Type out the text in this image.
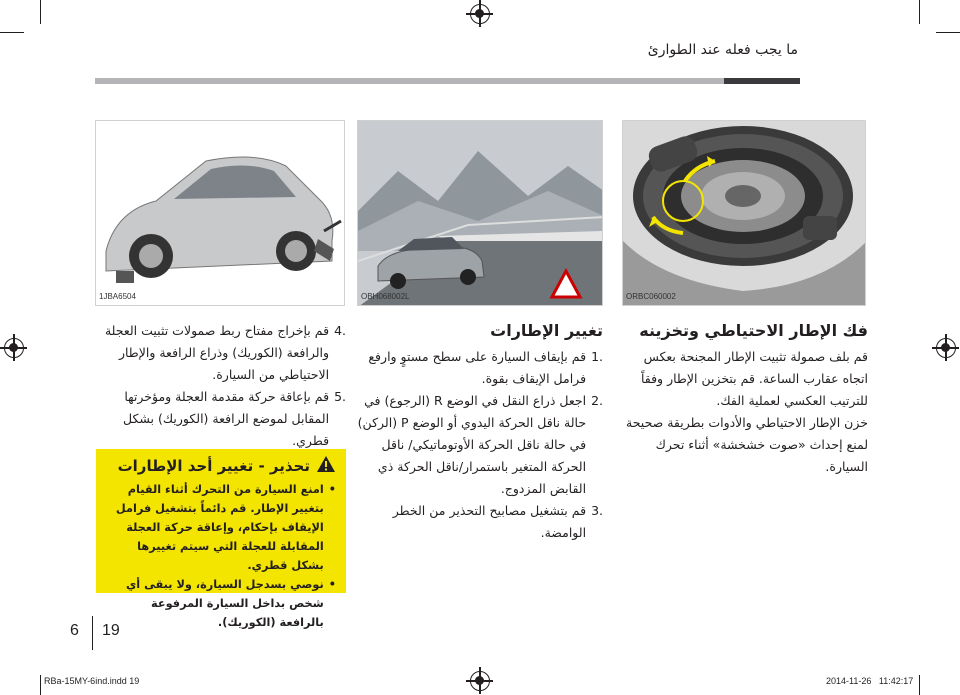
ما يجب فعله عند الطوارئ
ORBC060002
OBH068002L
1JBA6504
فك الإطار الاحتياطي وتخزينه

قم بلف صمولة تثبيت الإطار المجنحة بعكس اتجاه عقارب الساعة. قم بتخزين الإطار وفقاً للترتيب العكسي لعملية الفك.

خزن الإطار الاحتياطي والأدوات بطريقة صحيحة لمنع إحداث «صوت خشخشة» أثناء تحرك السيارة.

تغيير الإطارات
.1
قم بإيقاف السيارة على سطح مستوٍ وارفع فرامل الإيقاف بقوة.
.2
اجعل ذراع النقل في الوضع R (الرجوع) في حالة ناقل الحركة اليدوي أو الوضع P (الركن) في حالة ناقل الحركة الأوتوماتيكي/ ناقل الحركة المتغير باستمرار/ناقل الحركة ذي القابض المزدوج.
.3
قم بتشغيل مصابيح التحذير من الخطر الوامضة.
.4
قم بإخراج مفتاح ربط صمولات تثبيت العجلة والرافعة (الكوريك) وذراع الرافعة والإطار الاحتياطي من السيارة.
.5
قم بإعاقة حركة مقدمة العجلة ومؤخرتها المقابل لموضع الرافعة (الكوريك) بشكل قطري.
تحذير - تغيير أحد الإطارات
•
امنع السيارة من التحرك أثناء القيام بتغيير الإطار. قم دائماً بتشغيل فرامل الإيقاف بإحكام، وإعاقة حركة العجلة المقابلة للعجلة التي سيتم تغييرها بشكل قطري.
•
نوصي بسدجل السيارة، ولا يبقى أي شخص بداخل السيارة المرفوعة بالرافعة (الكوريك).
6 19
RBa-15MY-6ind.indd 19	2014-11-26   11:42:17
